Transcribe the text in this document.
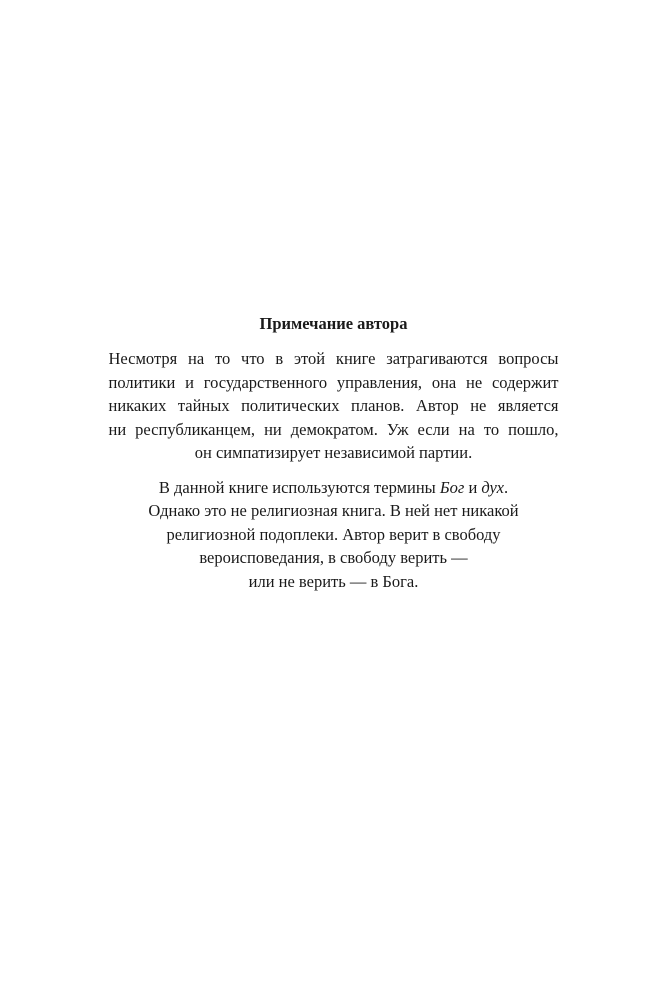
Примечание автора
Несмотря на то что в этой книге затрагиваются вопросы
политики и государственного управления, она не содержит
никаких тайных политических планов. Автор не является
ни республиканцем, ни демократом. Уж если на то пошло,
он симпатизирует независимой партии.
В данной книге используются термины Бог и дух.
Однако это не религиозная книга. В ней нет никакой
религиозной подоплеки. Автор верит в свободу
вероисповедания, в свободу верить —
или не верить — в Бога.
